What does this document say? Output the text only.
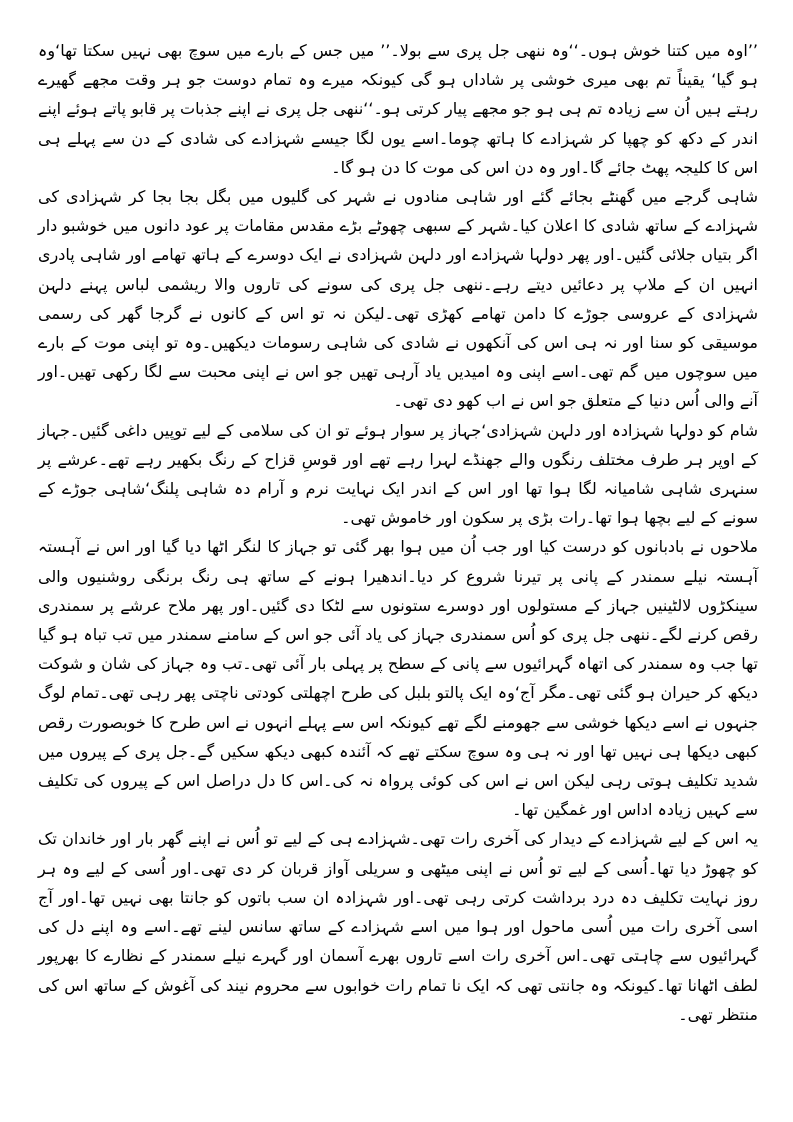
’’اوہ میں کتنا خوش ہوں۔‘‘وہ ننھی جل پری سے بولا۔’’ میں جس کے بارے میں سوچ بھی نہیں سکتا تھا‘وہ ہو گیا‘ یقیناً تم بھی میری خوشی پر شاداں ہو گی کیونکہ میرے وہ تمام دوست جو ہر وقت مجھے گھیرے رہتے ہیں اُن سے زیادہ تم ہی ہو جو مجھے پیار کرتی ہو۔‘‘ننھی جل پری نے اپنے جذبات پر قابو پاتے ہوئے اپنے اندر کے دکھ کو چھپا کر شہزادے کا ہاتھ چوما۔اسے یوں لگا جیسے شہزادے کی شادی کے دن سے پہلے ہی اس کا کلیجہ پھٹ جائے گا۔اور وہ دن اس کی موت کا دن ہو گا۔

شاہی گرجے میں گھنٹے بجائے گئے اور شاہی منادوں نے شہر کی گلیوں میں بگل بجا بجا کر شہزادی کی شہزادے کے ساتھ شادی کا اعلان کیا۔شہر کے سبھی چھوٹے بڑے مقدس مقامات پر عود دانوں میں خوشبو دار اگر بتیاں جلائی گئیں۔اور پھر دولہا شہزادے اور دلہن شہزادی نے ایک دوسرے کے ہاتھ تھامے اور شاہی پادری انہیں ان کے ملاپ پر دعائیں دیتے رہے۔ننھی جل پری کی سونے کی تاروں والا ریشمی لباس پہنے دلہن شہزادی کے عروسی جوڑے کا دامن تھامے کھڑی تھی۔لیکن نہ تو اس کے کانوں نے گرجا گھر کی رسمی موسیقی کو سنا اور نہ ہی اس کی آنکھوں نے شادی کی شاہی رسومات دیکھیں۔وہ تو اپنی موت کے بارے میں سوچوں میں گم تھی۔اسے اپنی وہ امیدیں یاد آرہی تھیں جو اس نے اپنی محبت سے لگا رکھی تھیں۔اور آنے والی اُس دنیا کے متعلق جو اس نے اب کھو دی تھی۔

شام کو دولہا شہزادہ اور دلہن شہزادی‘جہاز پر سوار ہوئے تو ان کی سلامی کے لیے توپیں داغی گئیں۔جہاز کے اوپر ہر طرف مختلف رنگوں والے جھنڈے لہرا رہے تھے اور قوسِ قزاح کے رنگ بکھیر رہے تھے۔عرشے پر سنہری شاہی شامیانہ لگا ہوا تھا اور اس کے اندر ایک نہایت نرم و آرام دہ شاہی پلنگ‘شاہی جوڑے کے سونے کے لیے بچھا ہوا تھا۔رات بڑی پر سکون اور خاموش تھی۔

ملاحوں نے بادبانوں کو درست کیا اور جب اُن میں ہوا بھر گئی تو جہاز کا لنگر اٹھا دیا گیا اور اس نے آہستہ آہستہ نیلے سمندر کے پانی پر تیرنا شروع کر دیا۔اندھیرا ہونے کے ساتھ ہی رنگ برنگی روشنیوں والی سینکڑوں لالٹینیں جہاز کے مستولوں اور دوسرے ستونوں سے لٹکا دی گئیں۔اور پھر ملاح عرشے پر سمندری رقص کرنے لگے۔ننھی جل پری کو اُس سمندری جہاز کی یاد آئی جو اس کے سامنے سمندر میں تب تباہ ہو گیا تھا جب وہ سمندر کی اتھاہ گہرائیوں سے پانی کے سطح پر پہلی بار آئی تھی۔تب وہ جہاز کی شان و شوکت دیکھ کر حیران ہو گئی تھی۔مگر آج‘وہ ایک پالتو بلبل کی طرح اچھلتی کودتی ناچتی پھر رہی تھی۔تمام لوگ جنہوں نے اسے دیکھا خوشی سے جھومنے لگے تھے کیونکہ اس سے پہلے انہوں نے اس طرح کا خوبصورت رقص کبھی دیکھا ہی نہیں تھا اور نہ ہی وہ سوچ سکتے تھے کہ آئندہ کبھی دیکھ سکیں گے۔جل پری کے پیروں میں شدید تکلیف ہوتی رہی لیکن اس نے اس کی کوئی پرواہ نہ کی۔اس کا دل دراصل اس کے پیروں کی تکلیف سے کہیں زیادہ اداس اور غمگین تھا۔

یہ اس کے لیے شہزادے کے دیدار کی آخری رات تھی۔شہزادے ہی کے لیے تو اُس نے اپنے گھر بار اور خاندان تک کو چھوڑ دیا تھا۔اُسی کے لیے تو اُس نے اپنی میٹھی و سریلی آواز قربان کر دی تھی۔اور اُسی کے لیے وہ ہر روز نہایت تکلیف دہ درد برداشت کرتی رہی تھی۔اور شہزادہ ان سب باتوں کو جانتا بھی نہیں تھا۔اور آج اسی آخری رات میں اُسی ماحول اور ہوا میں اسے شہزادے کے ساتھ سانس لینے تھے۔اسے وہ اپنے دل کی گہرائیوں سے چاہتی تھی۔اس آخری رات اسے تاروں بھرے آسمان اور گہرے نیلے سمندر کے نظارے کا بھرپور لطف اٹھانا تھا۔کیونکہ وہ جانتی تھی کہ ایک نا تمام رات خوابوں سے محروم نیند کی آغوش کے ساتھ اس کی منتظر تھی۔
